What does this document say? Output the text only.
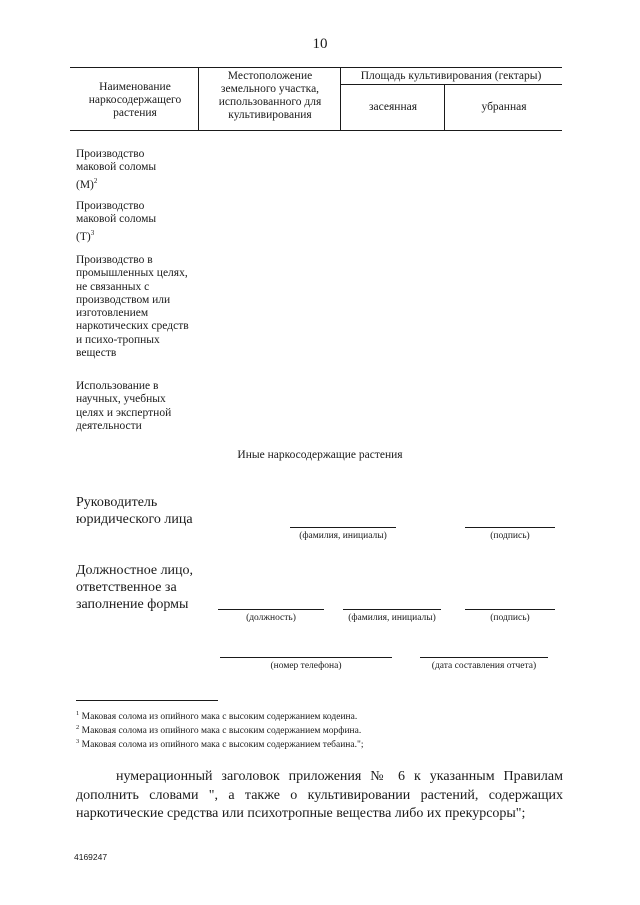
10
Наименование наркосодержащего растения
Местоположение земельного участка, использованного для культивирования
Площадь культивирования (гектары)
засеянная	убранная
Производство маковой соломы $(М)^2$
Производство маковой соломы $(Т)^3$
Производство в промышленных целях, не связанных с производством или изготовлением наркотических средств и психо-тропных веществ
Использование в научных, учебных целях и экспертной деятельности
Иные наркосодержащие растения
Руководитель юридического лица
(фамилия, инициалы)	(подпись)
Должностное лицо, ответственное за заполнение формы
(должность)	(фамилия, инициалы)	(подпись)
(номер телефона)	(дата составления отчета)
$^1$ Маковая солома из опийного мака с высоким содержанием кодеина.
$^2$ Маковая солома из опийного мака с высоким содержанием морфина.
$^3$ Маковая солома из опийного мака с высоким содержанием тебаина.";
нумерационный заголовок приложения № 6 к указанным Правилам дополнить словами ", а также о культивировании растений, содержащих наркотические средства или психотропные вещества либо их прекурсоры";
4169247
